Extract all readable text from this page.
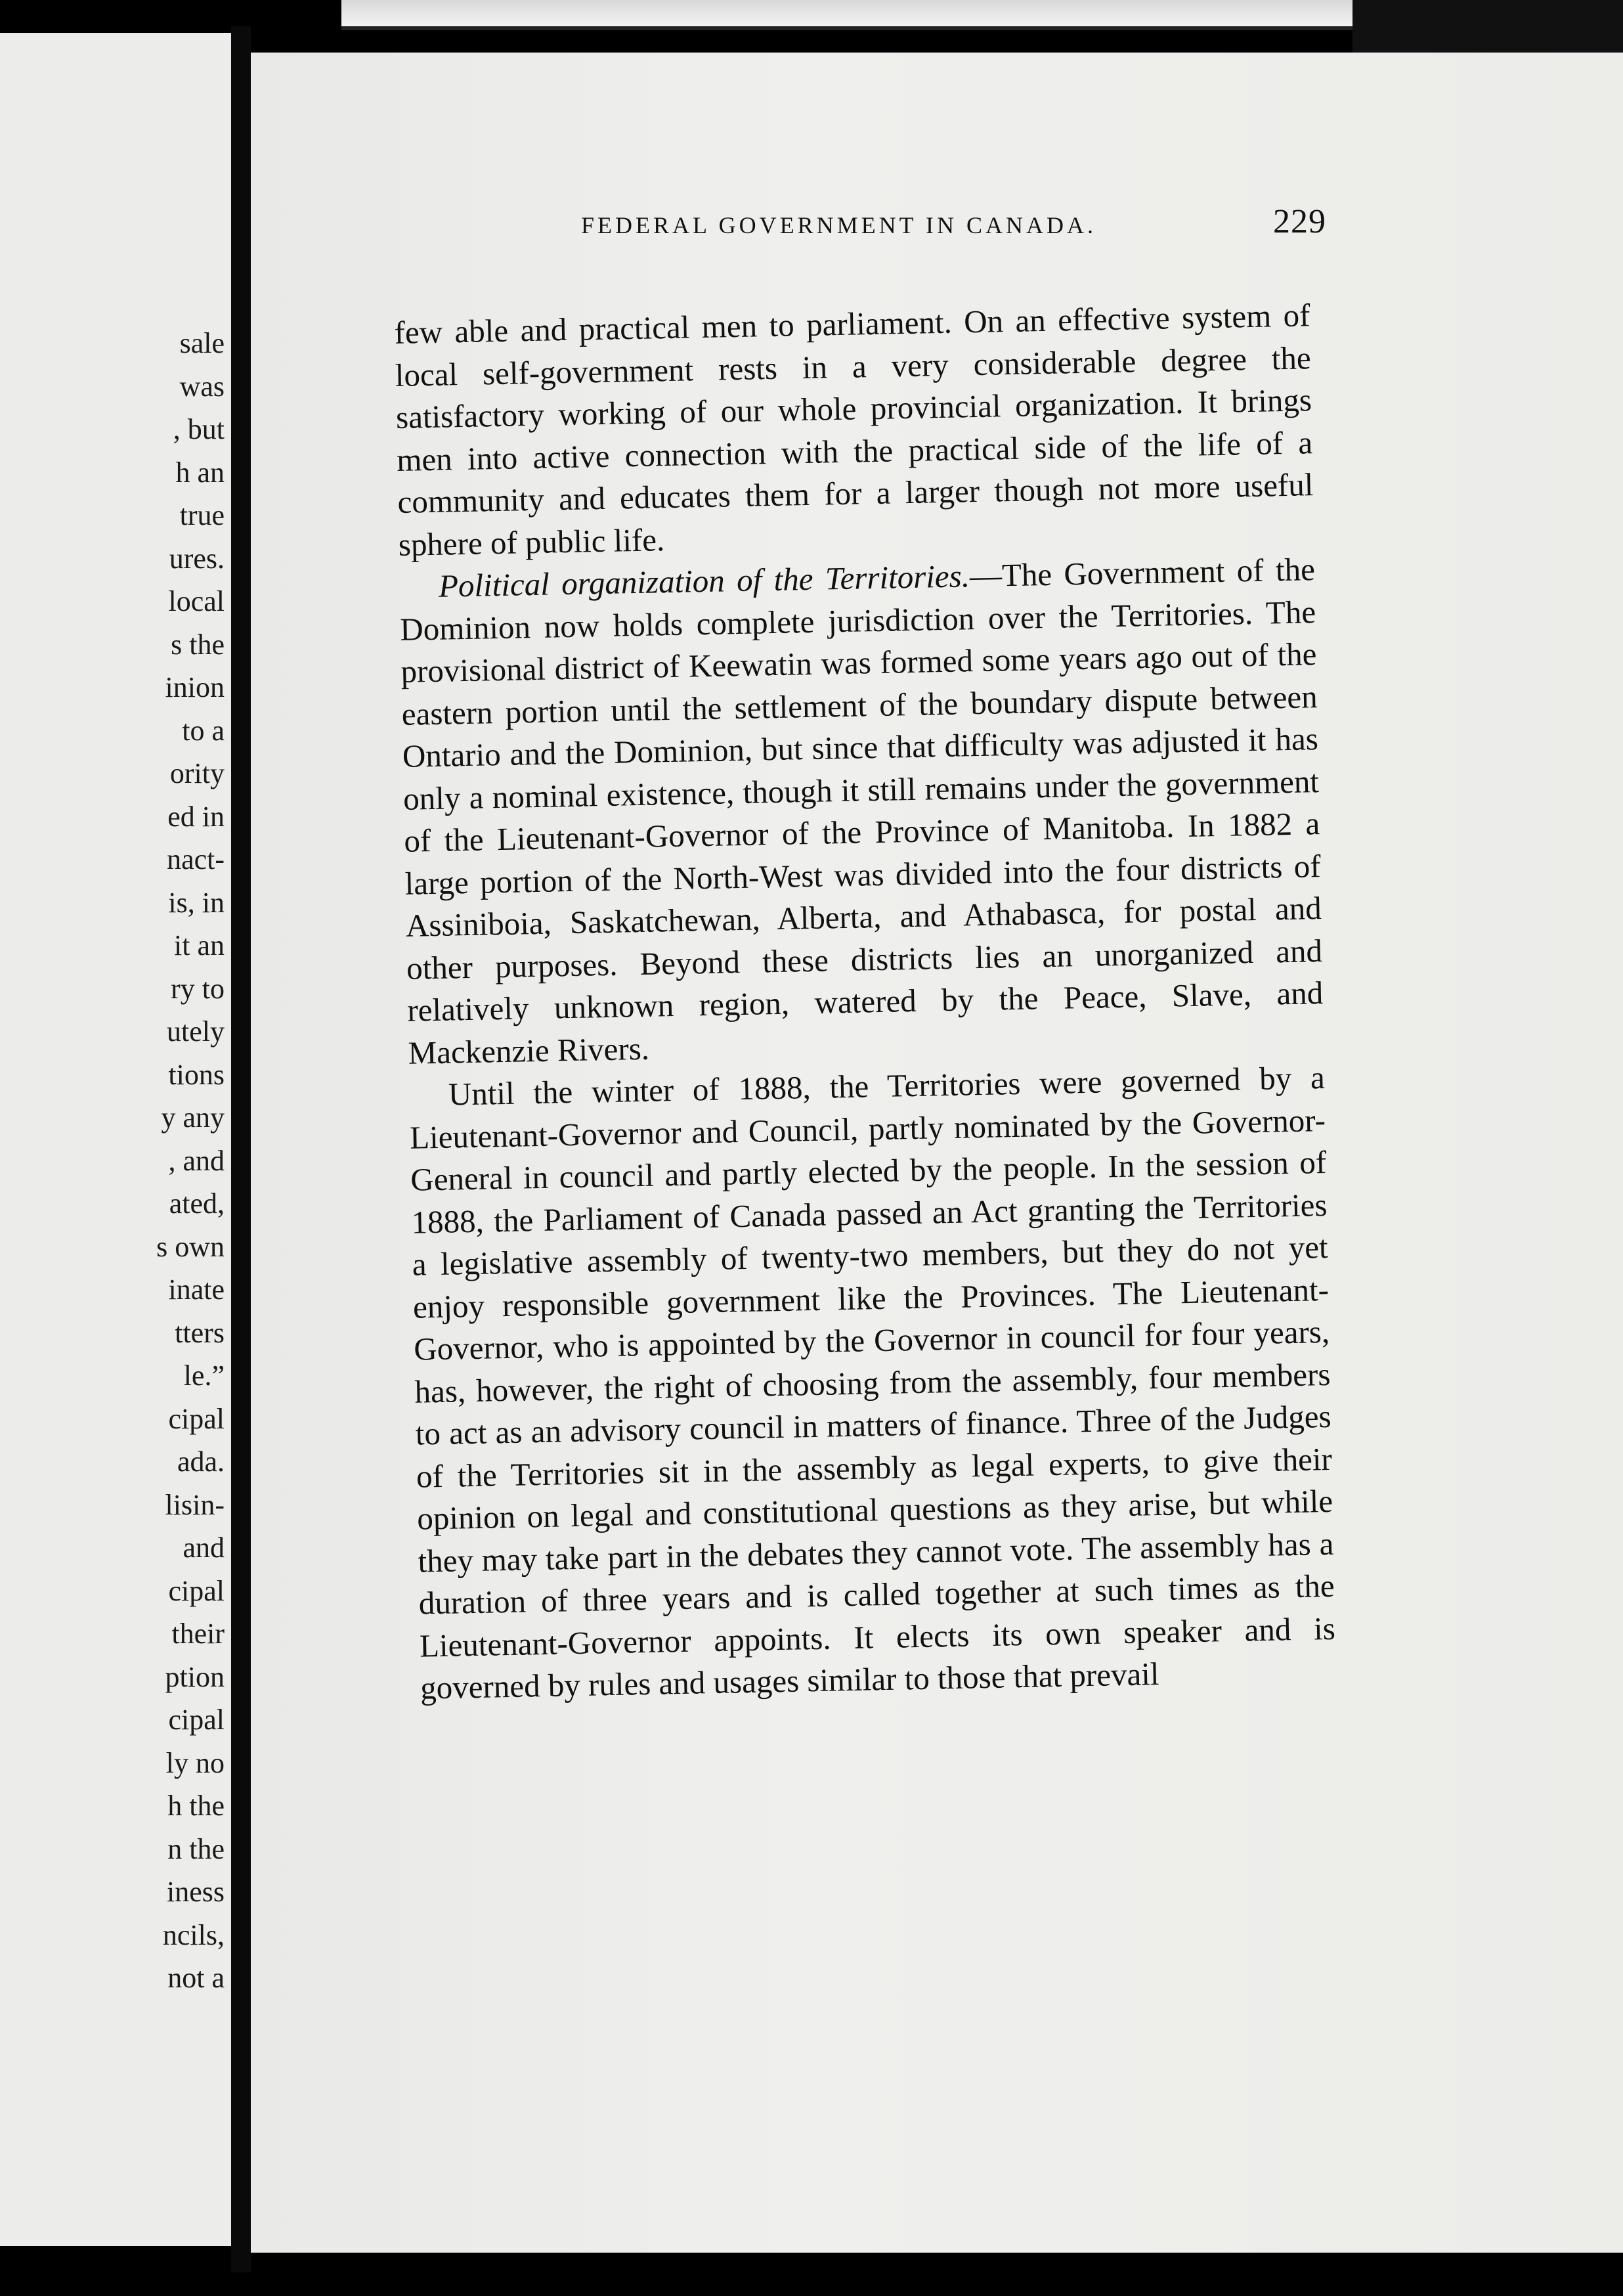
sale
was
, but
h an
true
ures.
local
s the
inion
to a
ority
ed in
nact-
is, in
it an
ry to
utely
tions
y any
, and
ated,
s own
inate
tters
le.”
cipal
ada.
lisin-
and
cipal
their
ption
cipal
ly no
h the
n the
iness
ncils,
not a
FEDERAL GOVERNMENT IN CANADA.	229

few able and practical men to parliament. On an effective system of local self-government rests in a very considerable degree the satisfactory working of our whole provincial organization. It brings men into active connection with the practical side of the life of a community and educates them for a larger though not more useful sphere of public life.

Political organization of the Territories.—The Government of the Dominion now holds complete jurisdiction over the Territories. The provisional district of Keewatin was formed some years ago out of the eastern portion until the settlement of the boundary dispute between Ontario and the Dominion, but since that difficulty was adjusted it has only a nominal existence, though it still remains under the government of the Lieutenant-Governor of the Province of Manitoba. In 1882 a large portion of the North-West was divided into the four districts of Assiniboia, Saskatchewan, Alberta, and Athabasca, for postal and other purposes. Beyond these districts lies an unorganized and relatively unknown region, watered by the Peace, Slave, and Mackenzie Rivers.

Until the winter of 1888, the Territories were governed by a Lieutenant-Governor and Council, partly nominated by the Governor-General in council and partly elected by the people. In the session of 1888, the Parliament of Canada passed an Act granting the Territories a legislative assembly of twenty-two members, but they do not yet enjoy responsible government like the Provinces. The Lieutenant-Governor, who is appointed by the Governor in council for four years, has, however, the right of choosing from the assembly, four members to act as an advisory council in matters of finance. Three of the Judges of the Territories sit in the assembly as legal experts, to give their opinion on legal and constitutional questions as they arise, but while they may take part in the debates they cannot vote. The assembly has a duration of three years and is called together at such times as the Lieutenant-Governor appoints. It elects its own speaker and is governed by rules and usages similar to those that prevail
